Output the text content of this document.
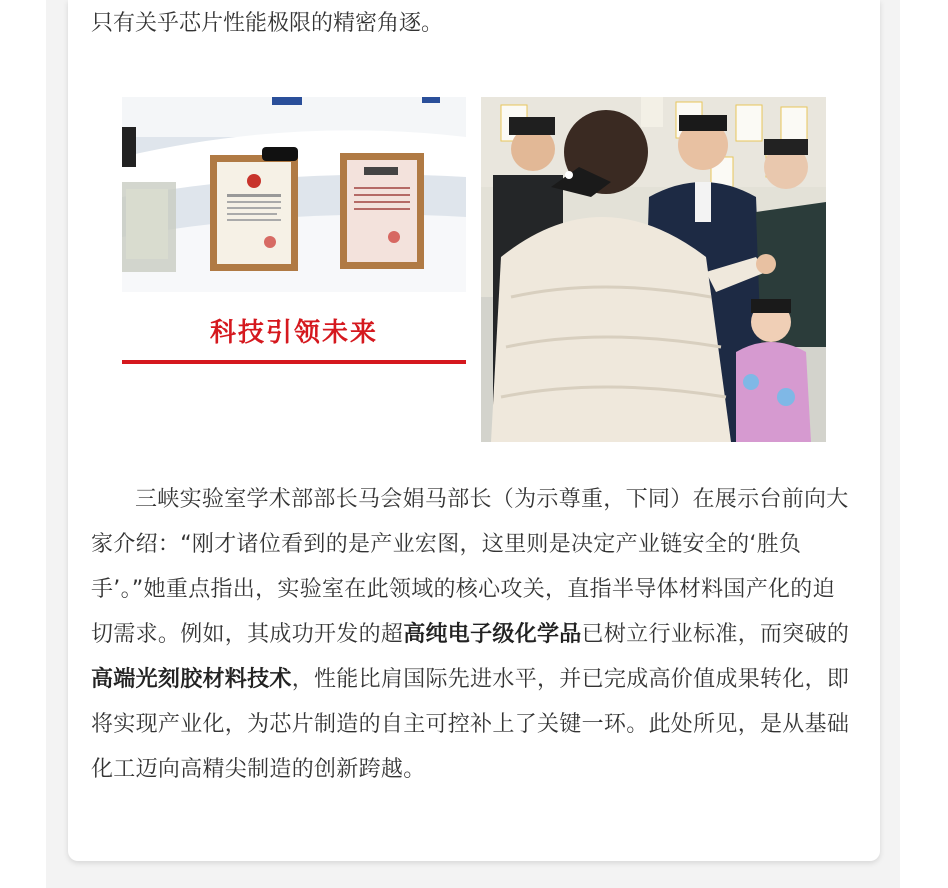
只有关乎芯片性能极限的精密角逐。
科技引领未来

三峡实验室学术部部长马会娟马部长（为示尊重，下同）在展示台前向大家介绍：“刚才诸位看到的是产业宏图，这里则是决定产业链安全的‘胜负手’。”她重点指出，实验室在此领域的核心攻关，直指半导体材料国产化的迫切需求。例如，其成功开发的超高纯电子级化学品已树立行业标准，而突破的高端光刻胶材料技术，性能比肩国际先进水平，并已完成高价值成果转化，即将实现产业化，为芯片制造的自主可控补上了关键一环。此处所见，是从基础化工迈向高精尖制造的创新跨越。
